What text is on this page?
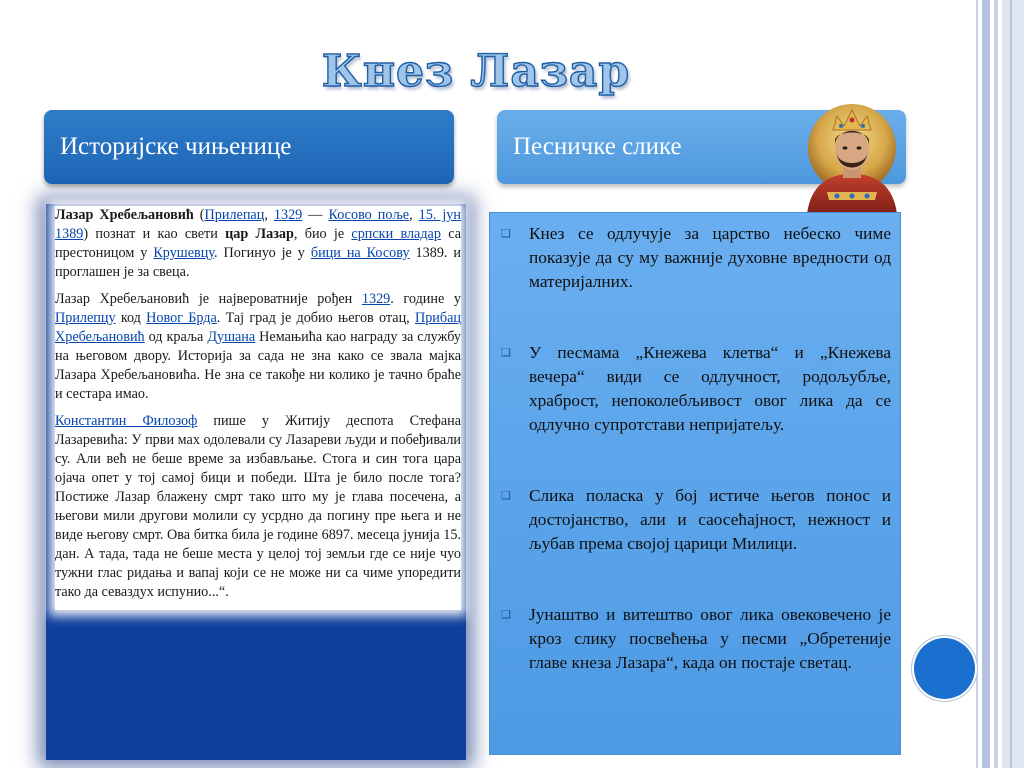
Кнез Лазар
Историјске чињенице	Песничке слике

Лазар Хребељановић (Прилепац, 1329 — Косово поље, 15. јун 1389) познат и као свети цар Лазар, био је српски владар са престоницом у Крушевцу. Погинуо је у бици на Косову 1389. и проглашен је за свеца.

Лазар Хребељановић је највероватније рођен 1329. године у Прилепцу код Новог Брда. Тај град је добио његов отац, Прибац Хребељановић од краља Душана Немањића као награду за службу на његовом двору. Историја за сада не зна како се звала мајка Лазара Хребељановића. Не зна се такође ни колико је тачно браће и сестара имао.

Константин Филозоф пише у Житију деспота Стефана Лазаревића: У први мах одолевали су Лазареви људи и побеђивали су. Али већ не беше време за избављање. Стога и син тога цара ојача опет у тој самој бици и победи. Шта је било после тога? Постиже Лазар блажену смрт тако што му је глава посечена, а његови мили другови молили су усрдно да погину пре њега и не виде његову смрт. Ова битка била је године 6897. месеца јунија 15. дан. А тада, тада не беше места у целој тој земљи где се није чуо тужни глас ридања и вапај који се не може ни са чиме упоредити тако да севаздух испунио...“.

❑	Кнез се одлучује за царство небеско чиме показује да су му важније духовне вредности од материјалних.
❑	У песмама „Кнежева клетва“ и „Кнежева вечера“ види се одлучност, родољубље, храброст, непоколебљивост овог лика да се одлучно супротстави непријатељу.
❑	Слика поласка у бој истиче његов понос и достојанство, али и саосећајност, нежност и љубав према својој царици Милици.
❑	Јунаштво и витештво овог лика овековечено је кроз слику посвећења у песми „Обретеније главе кнеза Лазара“, када он постаје светац.
